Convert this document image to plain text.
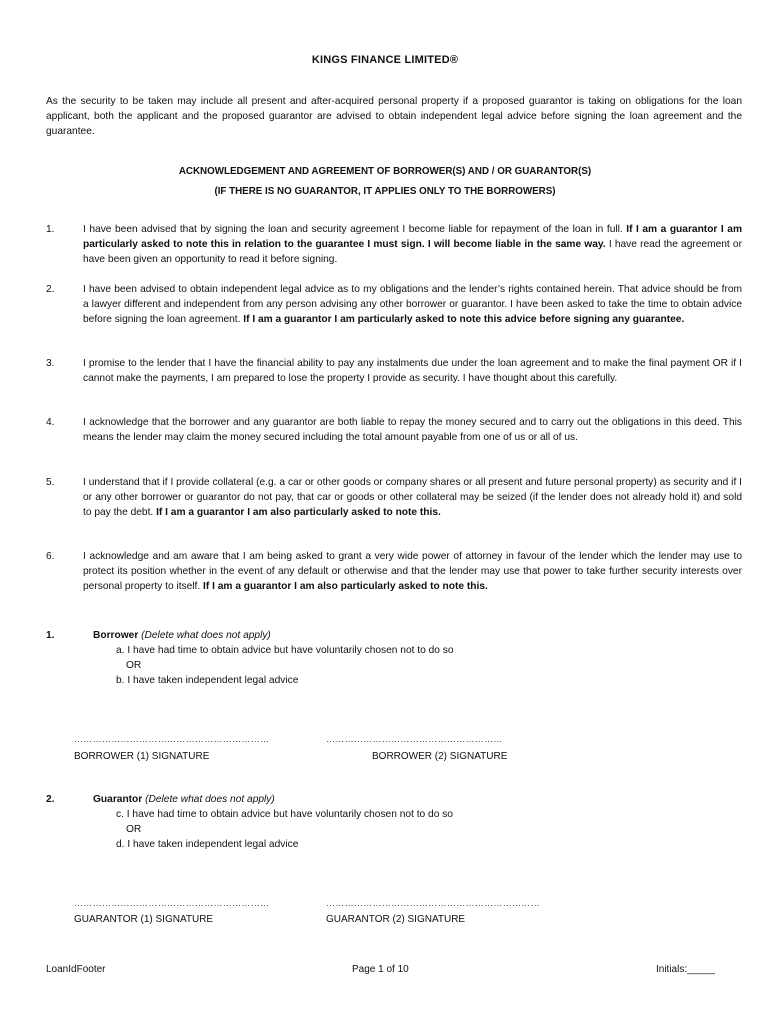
KINGS FINANCE LIMITED®

As the security to be taken may include all present and after-acquired personal property if a proposed guarantor is taking on obligations for the loan applicant, both the applicant and the proposed guarantor are advised to obtain independent legal advice before signing the loan agreement and the guarantee.

ACKNOWLEDGEMENT AND AGREEMENT OF BORROWER(S) AND / OR GUARANTOR(S)
(IF THERE IS NO GUARANTOR, IT APPLIES ONLY TO THE BORROWERS)
1.	I have been advised that by signing the loan and security agreement I become liable for repayment of the loan in full. If I am a guarantor I am particularly asked to note this in relation to the guarantee I must sign. I will become liable in the same way. I have read the agreement or have been given an opportunity to read it before signing.
2.	I have been advised to obtain independent legal advice as to my obligations and the lender’s rights contained herein. That advice should be from a lawyer different and independent from any person advising any other borrower or guarantor. I have been asked to take the time to obtain advice before signing the loan agreement. If I am a guarantor I am particularly asked to note this advice before signing any guarantee.
3.	I promise to the lender that I have the financial ability to pay any instalments due under the loan agreement and to make the final payment OR if I cannot make the payments, I am prepared to lose the property I provide as security. I have thought about this carefully.
4.	I acknowledge that the borrower and any guarantor are both liable to repay the money secured and to carry out the obligations in this deed. This means the lender may claim the money secured including the total amount payable from one of us or all of us.
5.	I understand that if I provide collateral (e.g. a car or other goods or company shares or all present and future personal property) as security and if I or any other borrower or guarantor do not pay, that car or goods or other collateral may be seized (if the lender does not already hold it) and sold to pay the debt. If I am a guarantor I am also particularly asked to note this.
6.	I acknowledge and am aware that I am being asked to grant a very wide power of attorney in favour of the lender which the lender may use to protect its position whether in the event of any default or otherwise and that the lender may use that power to take further security interests over personal property to itself. If I am a guarantor I am also particularly asked to note this.
1.	Borrower (Delete what does not apply)
a. I have had time to obtain advice but have voluntarily chosen not to do so
OR
b. I have taken independent legal advice
………………………………………………………	…………………………………………………
BORROWER (1) SIGNATURE	BORROWER (2) SIGNATURE
2.	Guarantor (Delete what does not apply)
c. I have had time to obtain advice but have voluntarily chosen not to do so
OR
d. I have taken independent legal advice
………………………………………………………	……………………………………………………………
GUARANTOR (1) SIGNATURE	GUARANTOR (2) SIGNATURE
LoanIdFooter	Page 1 of 10	Initials:_____
